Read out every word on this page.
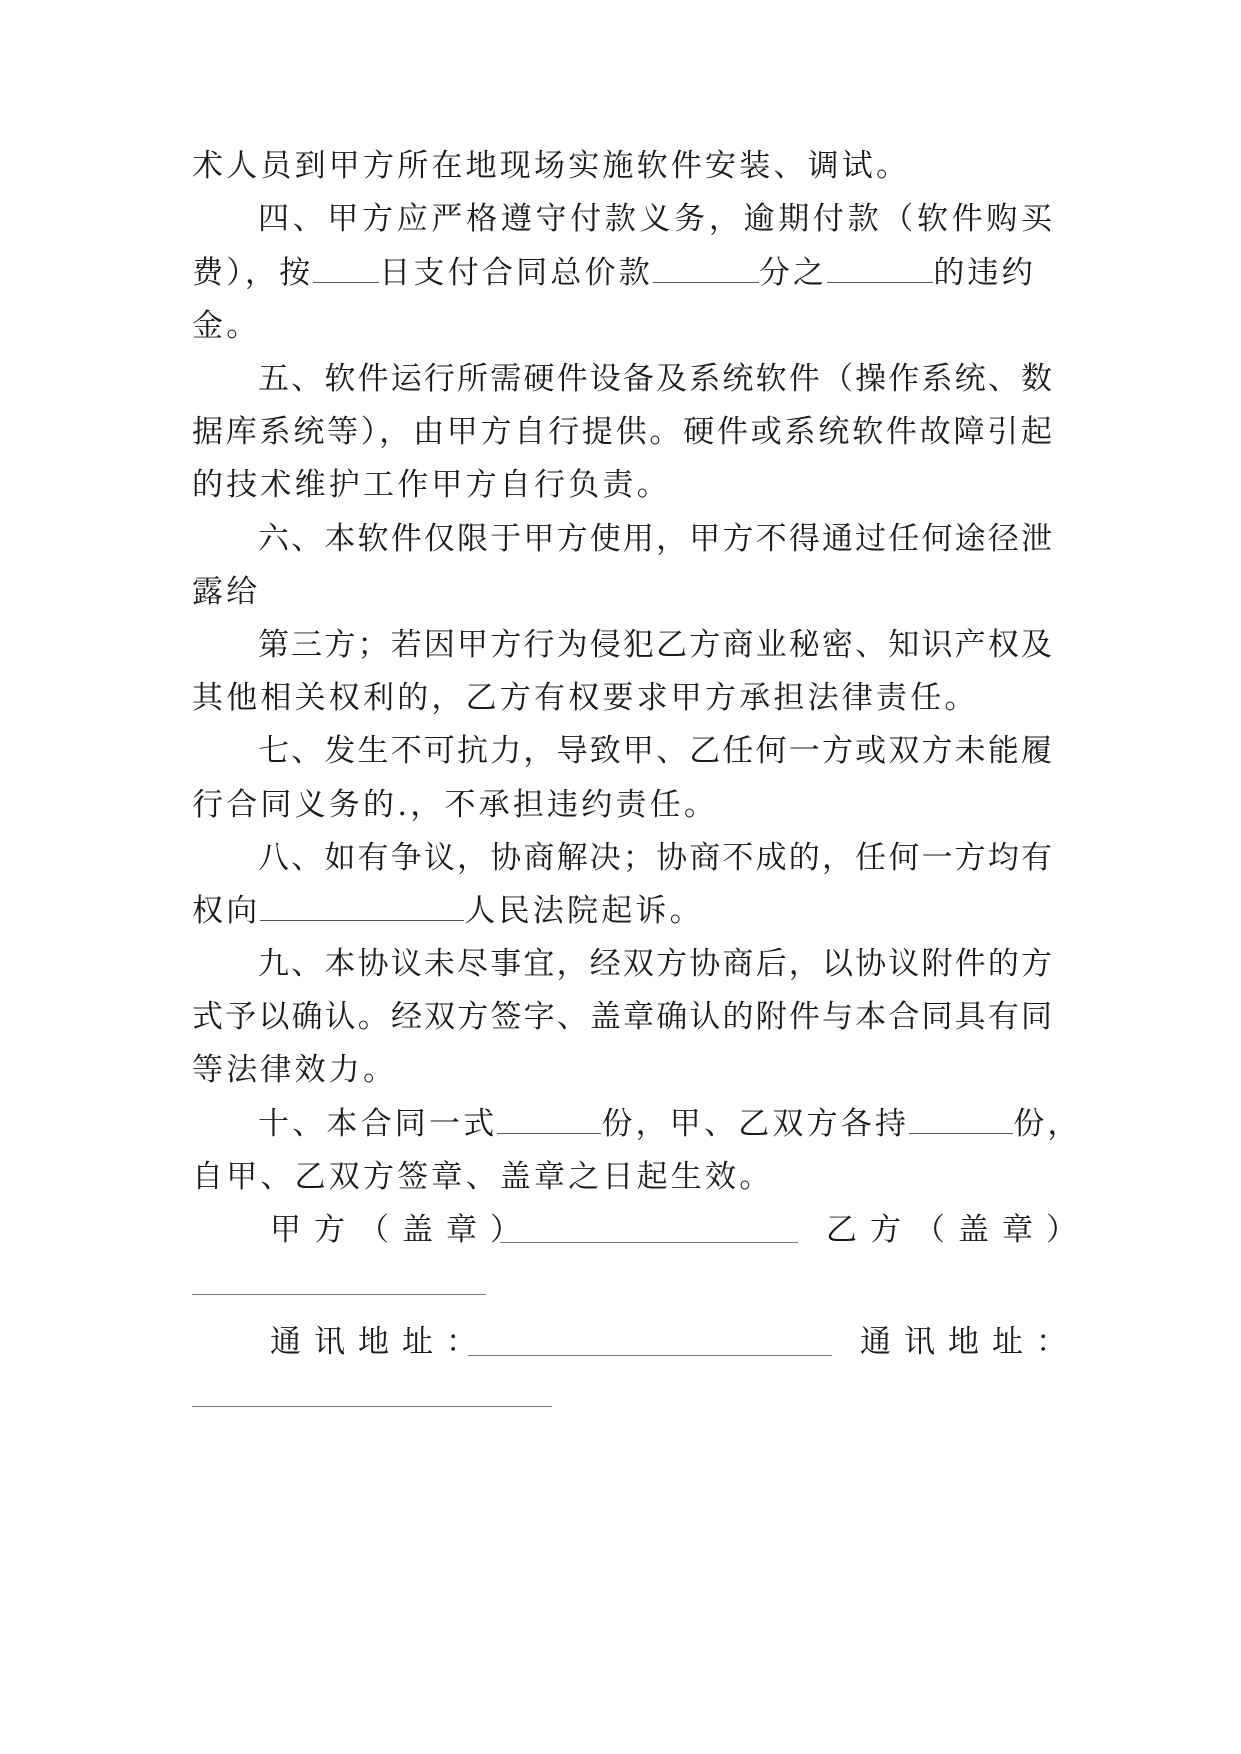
术人员到甲方所在地现场实施软件安装、调试。
四、甲方应严格遵守付款义务，逾期付款（软件购买
费），按 日支付合同总价款	分之	的违约
金。
五、软件运行所需硬件设备及系统软件（操作系统、数
据库系统等），由甲方自行提供。硬件或系统软件故障引起
的技术维护工作甲方自行负责。
六、本软件仅限于甲方使用，甲方不得通过任何途径泄
露给
第三方；若因甲方行为侵犯乙方商业秘密、知识产权及
其他相关权利的，乙方有权要求甲方承担法律责任。
七、发生不可抗力，导致甲、乙任何一方或双方未能履
行合同义务的.，不承担违约责任。
八、如有争议，协商解决；协商不成的，任何一方均有
权向	人民法院起诉。
九、本协议未尽事宜，经双方协商后，以协议附件的方
式予以确认。经双方签字、盖章确认的附件与本合同具有同
等法律效力。
十、本合同一式	份，甲、乙双方各持	份，
自甲、乙双方签章、盖章之日起生效。
甲方（盖章）	乙方（盖章）
通讯地址：	通讯地址：
